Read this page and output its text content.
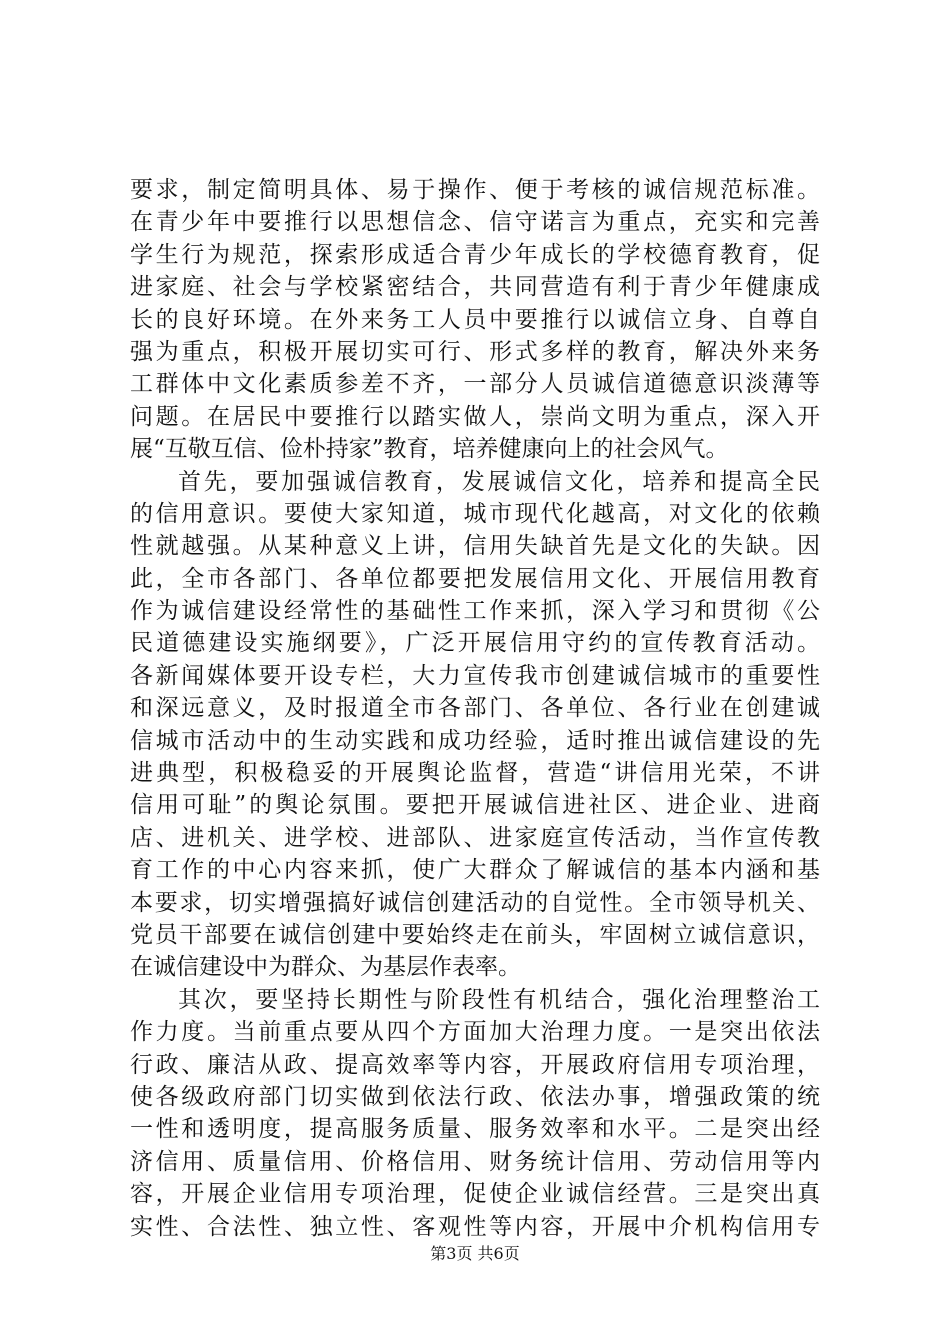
要求，制定简明具体、易于操作、便于考核的诚信规范标准。
在青少年中要推行以思想信念、信守诺言为重点，充实和完善
学生行为规范，探索形成适合青少年成长的学校德育教育，促
进家庭、社会与学校紧密结合，共同营造有利于青少年健康成
长的良好环境。在外来务工人员中要推行以诚信立身、自尊自
强为重点，积极开展切实可行、形式多样的教育，解决外来务
工群体中文化素质参差不齐，一部分人员诚信道德意识淡薄等
问题。在居民中要推行以踏实做人，崇尚文明为重点，深入开
展“互敬互信、俭朴持家”教育，培养健康向上的社会风气。
首先，要加强诚信教育，发展诚信文化，培养和提高全民
的信用意识。要使大家知道，城市现代化越高，对文化的依赖
性就越强。从某种意义上讲，信用失缺首先是文化的失缺。因
此，全市各部门、各单位都要把发展信用文化、开展信用教育
作为诚信建设经常性的基础性工作来抓，深入学习和贯彻《公
民道德建设实施纲要》，广泛开展信用守约的宣传教育活动。
各新闻媒体要开设专栏，大力宣传我市创建诚信城市的重要性
和深远意义，及时报道全市各部门、各单位、各行业在创建诚
信城市活动中的生动实践和成功经验，适时推出诚信建设的先
进典型，积极稳妥的开展舆论监督，营造“讲信用光荣，不讲
信用可耻”的舆论氛围。要把开展诚信进社区、进企业、进商
店、进机关、进学校、进部队、进家庭宣传活动，当作宣传教
育工作的中心内容来抓，使广大群众了解诚信的基本内涵和基
本要求，切实增强搞好诚信创建活动的自觉性。全市领导机关、
党员干部要在诚信创建中要始终走在前头，牢固树立诚信意识，
在诚信建设中为群众、为基层作表率。
其次，要坚持长期性与阶段性有机结合，强化治理整治工
作力度。当前重点要从四个方面加大治理力度。一是突出依法
行政、廉洁从政、提高效率等内容，开展政府信用专项治理，
使各级政府部门切实做到依法行政、依法办事，增强政策的统
一性和透明度，提高服务质量、服务效率和水平。二是突出经
济信用、质量信用、价格信用、财务统计信用、劳动信用等内
容，开展企业信用专项治理，促使企业诚信经营。三是突出真
实性、合法性、独立性、客观性等内容，开展中介机构信用专
第3页 共6页
